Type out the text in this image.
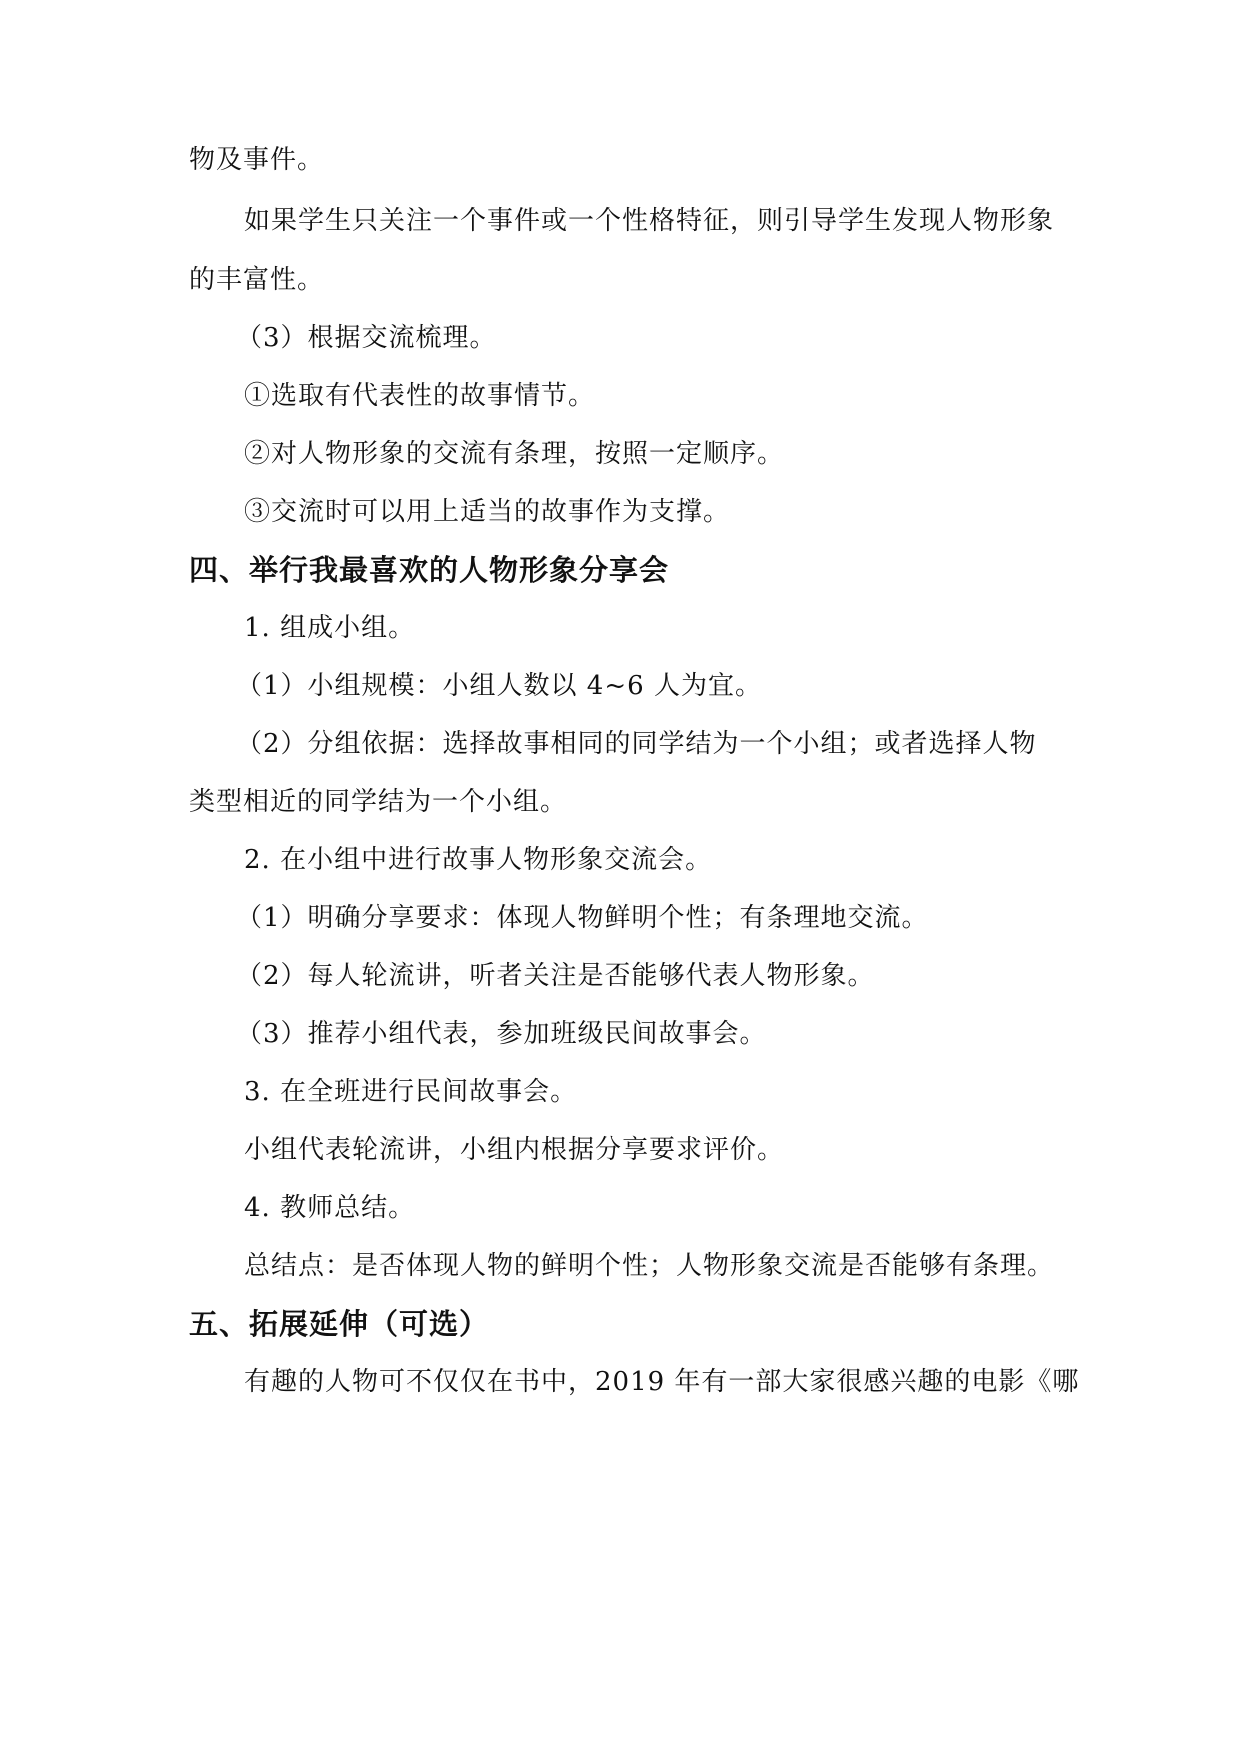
物及事件。
如果学生只关注一个事件或一个性格特征，则引导学生发现人物形象
的丰富性。
（3）根据交流梳理。
①选取有代表性的故事情节。
②对人物形象的交流有条理，按照一定顺序。
③交流时可以用上适当的故事作为支撑。
四、举行我最喜欢的人物形象分享会
1. 组成小组。
（1）小组规模：小组人数以 4~6 人为宜。
（2）分组依据：选择故事相同的同学结为一个小组；或者选择人物
类型相近的同学结为一个小组。
2. 在小组中进行故事人物形象交流会。
（1）明确分享要求：体现人物鲜明个性；有条理地交流。
（2）每人轮流讲，听者关注是否能够代表人物形象。
（3）推荐小组代表，参加班级民间故事会。
3. 在全班进行民间故事会。
小组代表轮流讲，小组内根据分享要求评价。
4. 教师总结。
总结点：是否体现人物的鲜明个性；人物形象交流是否能够有条理。
五、拓展延伸（可选）
有趣的人物可不仅仅在书中，2019 年有一部大家很感兴趣的电影《哪
